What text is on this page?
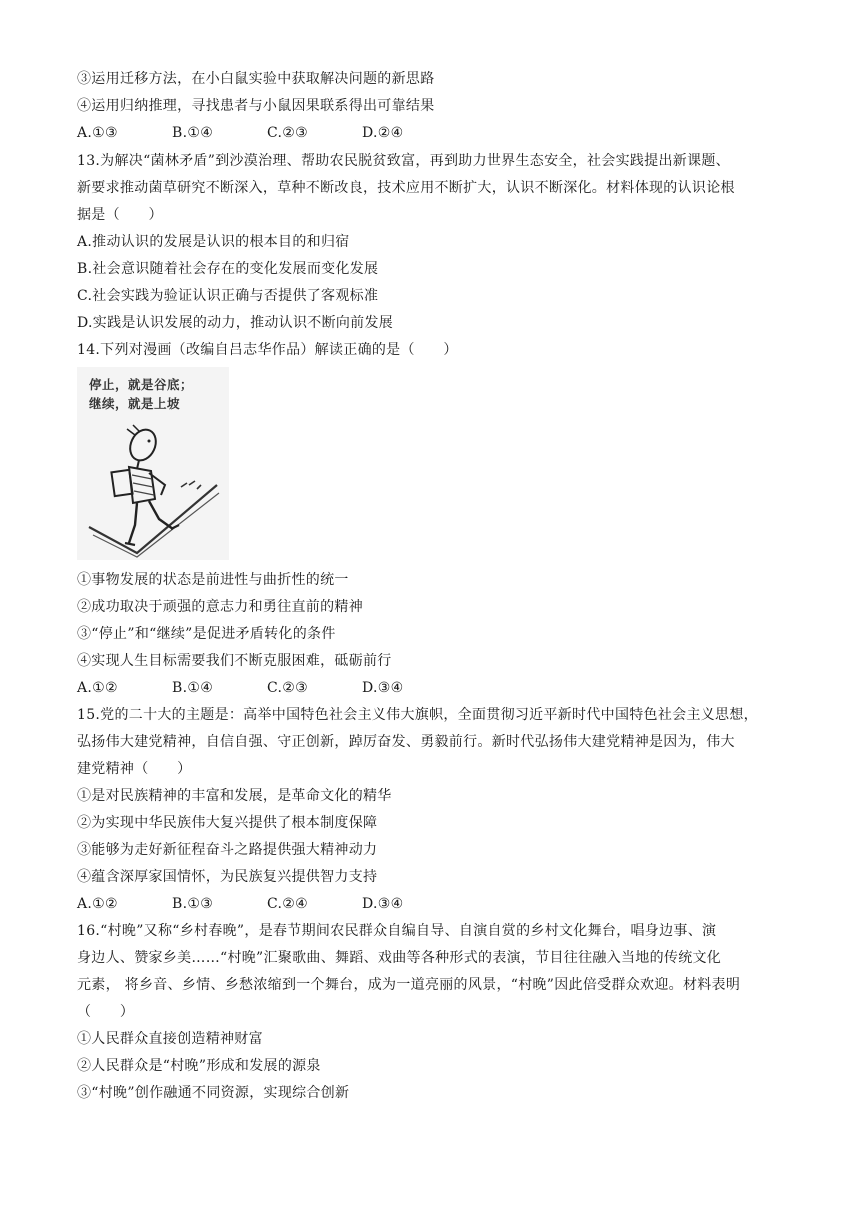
③运用迁移方法，在小白鼠实验中获取解决问题的新思路
④运用归纳推理，寻找患者与小鼠因果联系得出可靠结果
A.①③	B.①④	C.②③	D.②④
13.为解决“菌林矛盾”到沙漠治理、帮助农民脱贫致富，再到助力世界生态安全，社会实践提出新课题、
新要求推动菌草研究不断深入，草种不断改良，技术应用不断扩大，认识不断深化。材料体现的认识论根
据是（　　）
A.推动认识的发展是认识的根本目的和归宿
B.社会意识随着社会存在的变化发展而变化发展
C.社会实践为验证认识正确与否提供了客观标准
D.实践是认识发展的动力，推动认识不断向前发展
14.下列对漫画（改编自吕志华作品）解读正确的是（　　）
停止，就是谷底；
继续，就是上坡
①事物发展的状态是前进性与曲折性的统一
②成功取决于顽强的意志力和勇往直前的精神
③“停止”和“继续”是促进矛盾转化的条件
④实现人生目标需要我们不断克服困难，砥砺前行
A.①②	B.①④	C.②③	D.③④
15.党的二十大的主题是：高举中国特色社会主义伟大旗帜，全面贯彻习近平新时代中国特色社会主义思想，
弘扬伟大建党精神，自信自强、守正创新，踔厉奋发、勇毅前行。新时代弘扬伟大建党精神是因为，伟大
建党精神（　　）
①是对民族精神的丰富和发展，是革命文化的精华
②为实现中华民族伟大复兴提供了根本制度保障
③能够为走好新征程奋斗之路提供强大精神动力
④蕴含深厚家国情怀，为民族复兴提供智力支持
A.①②	B.①③	C.②④	D.③④
16.“村晚”又称“乡村春晚”，是春节期间农民群众自编自导、自演自赏的乡村文化舞台，唱身边事、演
身边人、赞家乡美……“村晚”汇聚歌曲、舞蹈、戏曲等各种形式的表演，节目往往融入当地的传统文化
元素， 将乡音、乡情、乡愁浓缩到一个舞台，成为一道亮丽的风景，“村晚”因此倍受群众欢迎。材料表明
（　　）
①人民群众直接创造精神财富
②人民群众是“村晚”形成和发展的源泉
③“村晚”创作融通不同资源，实现综合创新
